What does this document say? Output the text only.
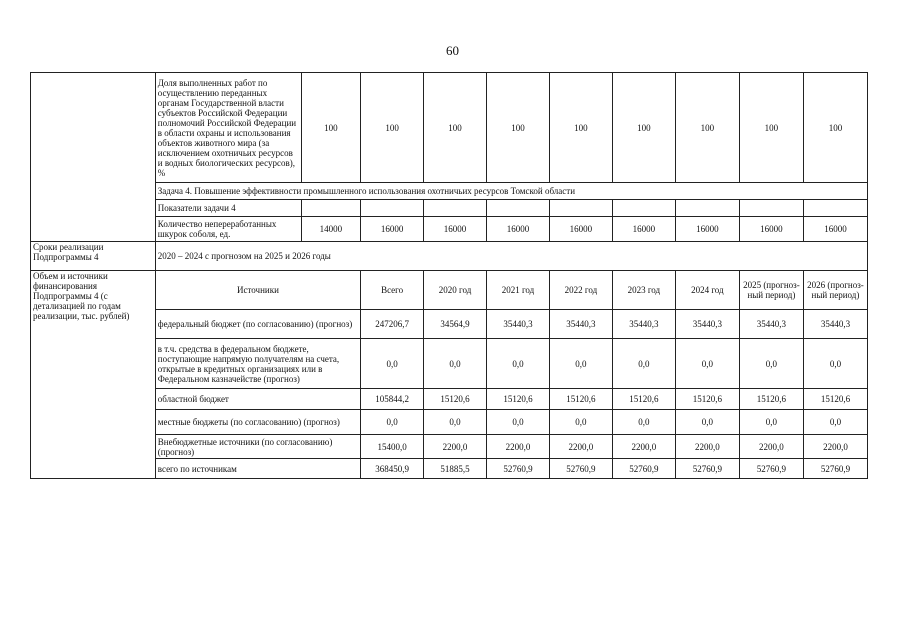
60
	Доля выполненных работ по осуществлению переданных органам Государственной власти субъектов Российской Федерации полномочий Российской Федерации в области охраны и использования объектов животного мира (за исключением охотничьих ресурсов и водных биологических ресурсов), %	100	100	100	100	100	100	100	100	100
	Задача 4. Повышение эффективности промышленного использования охотничьих ресурсов Томской области									
	Показатели задачи 4									
	Количество непереработанных шкурок соболя, ед.	14000	16000	16000	16000	16000	16000	16000	16000	16000
Сроки реализации Подпрограммы 4	2020 – 2024 с прогнозом на 2025 и 2026 годы									
Объем и источники финансирования Подпрограммы 4 (с детализацией по годам реализации, тыс. рублей)	Источники		Всего	2020 год	2021 год	2022 год	2023 год	2024 год	2025 (прогноз-ный период)	2026 (прогноз-ный период)
	федеральный бюджет (по согласованию) (прогноз)		247206,7	34564,9	35440,3	35440,3	35440,3	35440,3	35440,3	35440,3
	в т.ч. средства в федеральном бюджете, поступающие напрямую получателям на счета, открытые в кредитных организациях или в Федеральном казначействе (прогноз)		0,0	0,0	0,0	0,0	0,0	0,0	0,0	0,0
	областной бюджет		105844,2	15120,6	15120,6	15120,6	15120,6	15120,6	15120,6	15120,6
	местные бюджеты (по согласованию) (прогноз)		0,0	0,0	0,0	0,0	0,0	0,0	0,0	0,0
	Внебюджетные источники (по согласованию) (прогноз)		15400,0	2200,0	2200,0	2200,0	2200,0	2200,0	2200,0	2200,0
	всего по источникам		368450,9	51885,5	52760,9	52760,9	52760,9	52760,9	52760,9	52760,9
